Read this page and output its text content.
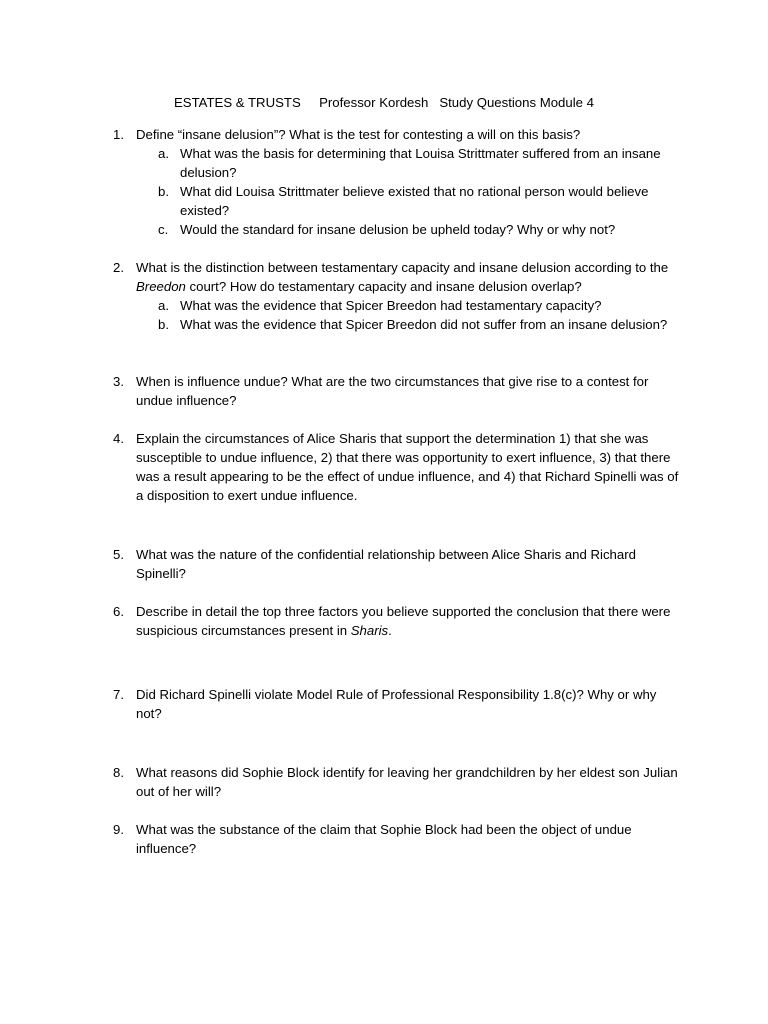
ESTATES & TRUSTS Professor Kordesh Study Questions Module 4
1. Define “insane delusion”? What is the test for contesting a will on this basis?
a. What was the basis for determining that Louisa Strittmater suffered from an insane delusion?
b. What did Louisa Strittmater believe existed that no rational person would believe existed?
c. Would the standard for insane delusion be upheld today? Why or why not?
2. What is the distinction between testamentary capacity and insane delusion according to the Breedon court? How do testamentary capacity and insane delusion overlap?
a. What was the evidence that Spicer Breedon had testamentary capacity?
b. What was the evidence that Spicer Breedon did not suffer from an insane delusion?
3. When is influence undue? What are the two circumstances that give rise to a contest for undue influence?
4. Explain the circumstances of Alice Sharis that support the determination 1) that she was susceptible to undue influence, 2) that there was opportunity to exert influence, 3) that there was a result appearing to be the effect of undue influence, and 4) that Richard Spinelli was of a disposition to exert undue influence.
5. What was the nature of the confidential relationship between Alice Sharis and Richard Spinelli?
6. Describe in detail the top three factors you believe supported the conclusion that there were suspicious circumstances present in Sharis.
7. Did Richard Spinelli violate Model Rule of Professional Responsibility 1.8(c)? Why or why not?
8. What reasons did Sophie Block identify for leaving her grandchildren by her eldest son Julian out of her will?
9. What was the substance of the claim that Sophie Block had been the object of undue influence?
